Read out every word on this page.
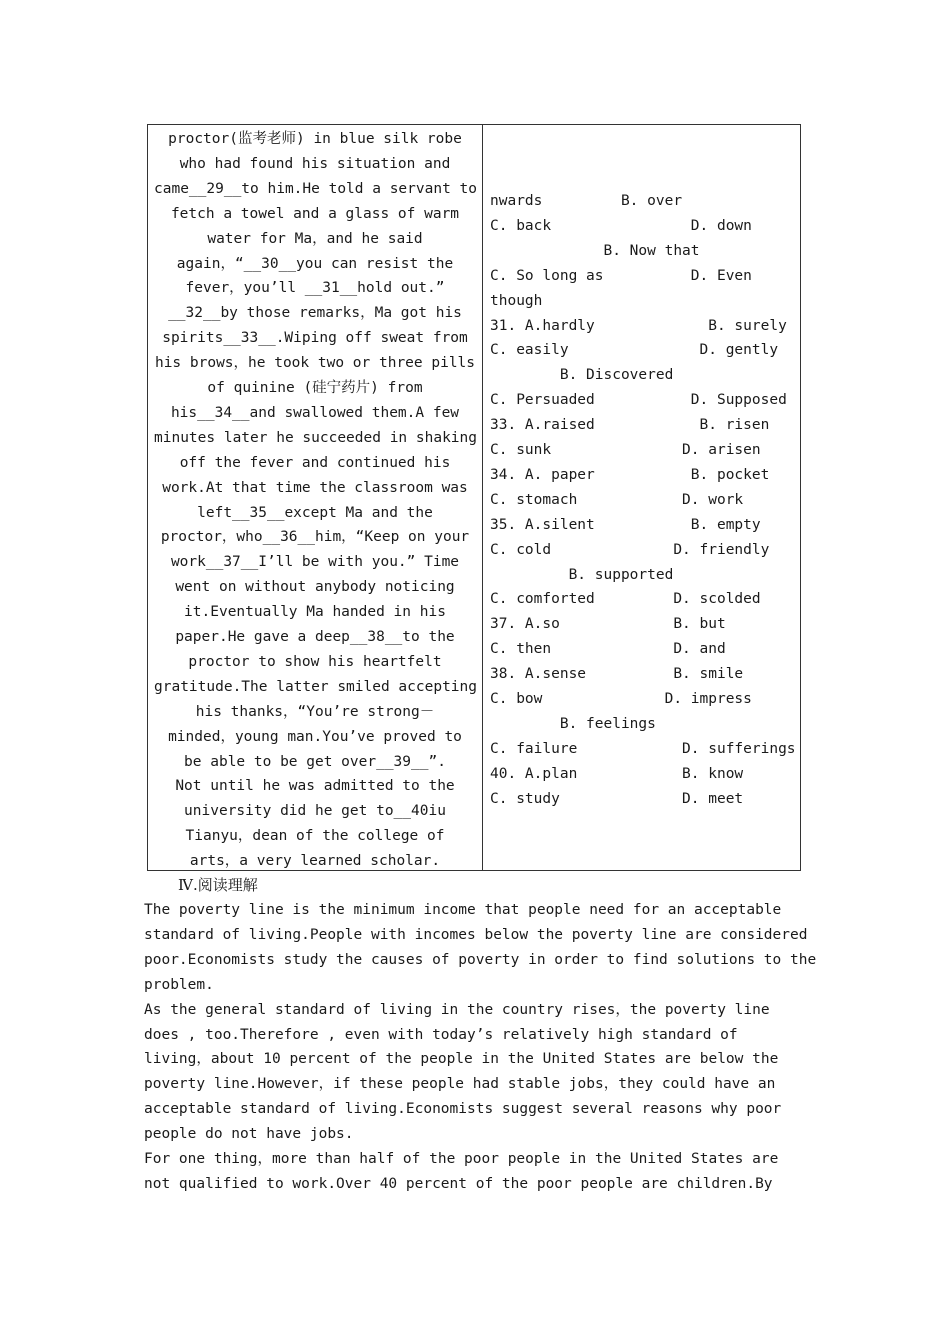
proctor(监考老师) in blue silk robe
who had found his situation and
came__29__to him.He told a servant to
fetch a towel and a glass of warm
water for Ma，and he said
again，“__30__you can resist the
fever，you’ll __31__hold out.”
__32__by those remarks，Ma got his
spirits__33__.Wiping off sweat from
his brows，he took two or three pills
of quinine (硅宁药片) from
his__34__and swallowed them.A few
minutes later he succeeded in shaking
off the fever and continued his
work.At that time the classroom was
left__35__except Ma and the
proctor，who__36__him，“Keep on your
work__37__I’ll be with you.” Time
went on without anybody noticing
it.Eventually Ma handed in his
paper.He gave a deep__38__to the
proctor to show his heartfelt
gratitude.The latter smiled accepting
his thanks，“You’re strong－
minded，young man.You’ve proved to
be able to be get over__39__”.
Not until he was admitted to the
university did he get to__40iu
Tianyu，dean of the college of
arts，a very learned scholar.
nwards         B. over
C. back                D. down
B. Now that
C. So long as          D. Even
though
31. A.hardly             B. surely
C. easily               D. gently
B. Discovered
C. Persuaded           D. Supposed
33. A.raised            B. risen
C. sunk               D. arisen
34. A. paper           B. pocket
C. stomach            D. work
35. A.silent           B. empty
C. cold              D. friendly
B. supported
C. comforted         D. scolded
37. A.so             B. but
C. then              D. and
38. A.sense          B. smile
C. bow              D. impress
B. feelings
C. failure            D. sufferings
40. A.plan            B. know
C. study              D. meet
Ⅳ.阅读理解
The poverty line is the minimum income that people need for an acceptable
standard of living.People with incomes below the poverty line are considered
poor.Economists study the causes of poverty in order to find solutions to the
problem.
As the general standard of living in the country rises，the poverty line
does , too.Therefore , even with today’s relatively high standard of
living，about 10 percent of the people in the United States are below the
poverty line.However，if these people had stable jobs，they could have an
acceptable standard of living.Economists suggest several reasons why poor
people do not have jobs.
For one thing，more than half of the poor people in the United States are
not qualified to work.Over 40 percent of the poor people are children.By
